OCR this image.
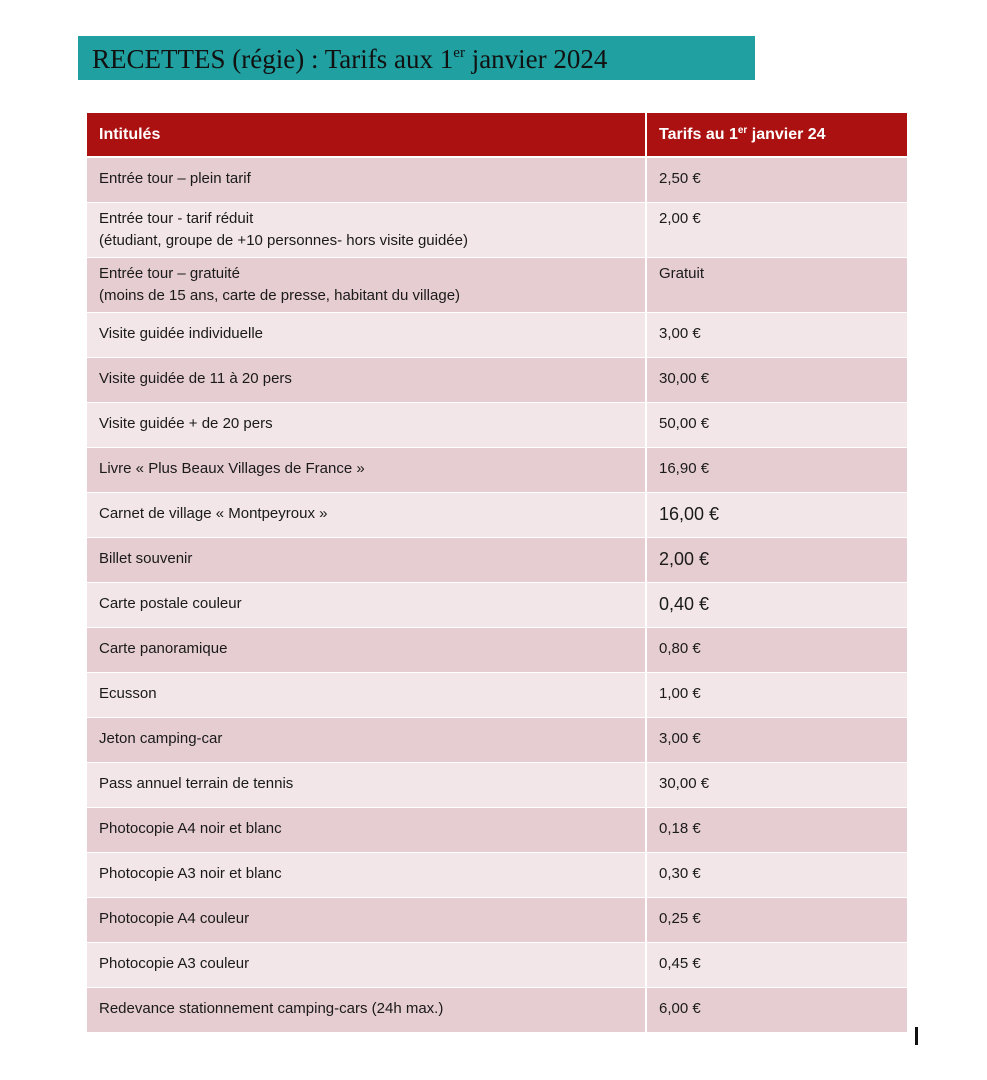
RECETTES (régie) : Tarifs aux 1er janvier 2024
Intitulés	Tarifs au 1er janvier 24
Entrée tour – plein tarif	2,50 €
Entrée tour - tarif réduit
(étudiant, groupe de +10 personnes- hors visite guidée)	2,00 €
Entrée tour – gratuité
(moins de 15 ans, carte de presse, habitant du village)	Gratuit
Visite guidée individuelle	3,00 €
Visite guidée de 11 à 20 pers	30,00 €
Visite guidée + de 20 pers	50,00 €
Livre « Plus Beaux Villages de France »	16,90 €
Carnet de village « Montpeyroux »	16,00 €
Billet souvenir	2,00 €
Carte postale couleur	0,40 €
Carte panoramique	0,80 €
Ecusson	1,00 €
Jeton camping-car	3,00 €
Pass annuel terrain de tennis	30,00 €
Photocopie A4 noir et blanc	0,18 €
Photocopie A3 noir et blanc	0,30 €
Photocopie A4 couleur	0,25 €
Photocopie A3 couleur	0,45 €
Redevance stationnement camping-cars (24h max.)	6,00 €
